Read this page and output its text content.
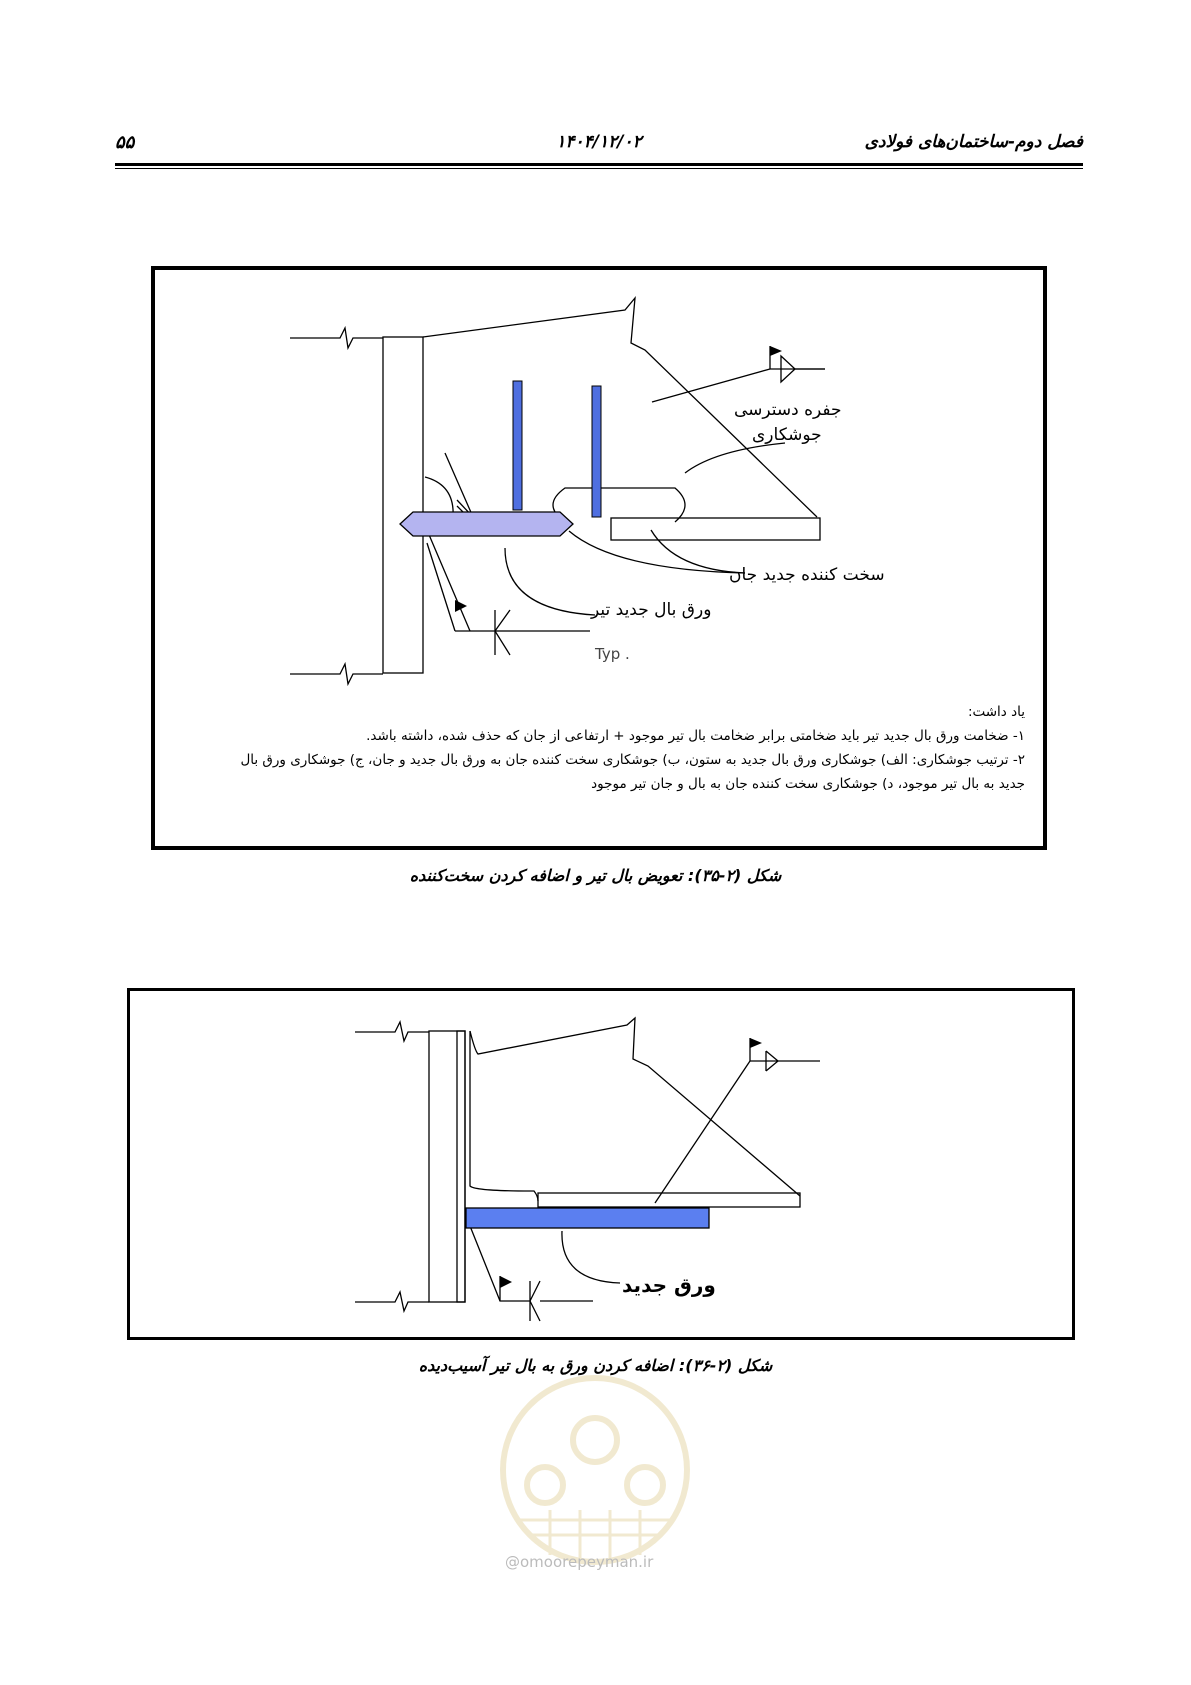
۵۵	۱۴۰۴/۱۲/۰۲	فصل دوم-ساختمان‌های فولادی
جفره دسترسی
جوشکاری
سخت کننده جدید جان
ورق بال جدید تیر
Typ .
یاد داشت:
۱- ضخامت ورق بال جدید تیر باید ضخامتی برابر ضخامت بال تیر موجود + ارتفاعی از جان که حذف شده، داشته باشد.
۲- ترتیب جوشکاری: الف) جوشکاری ورق بال جدید به ستون، ب) جوشکاری سخت کننده جان به ورق بال جدید و جان، ج) جوشکاری ورق بال
جدید به بال تیر موجود، د) جوشکاری سخت کننده جان به بال و جان تیر موجود
شکل (۲-۳۵): تعویض بال تیر و اضافه کردن سخت‌کننده
ورق جدید
شکل (۲-۳۶): اضافه کردن ورق به بال تیر آسیب‌دیده
@omoorepeyman.ir
